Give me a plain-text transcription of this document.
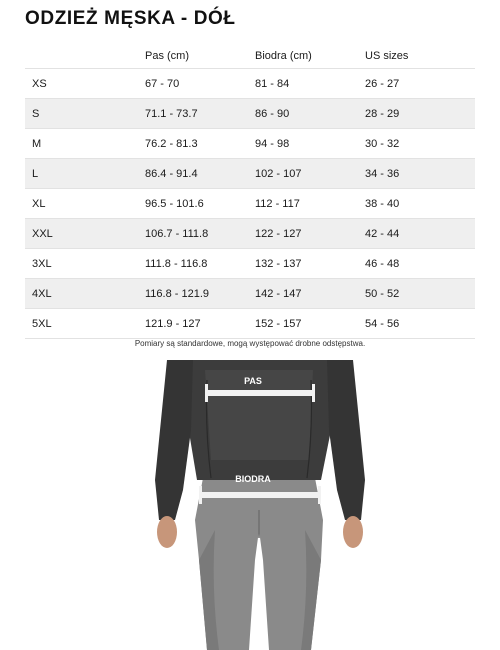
ODZIEŻ MĘSKA - DÓŁ
	Pas (cm)	Biodra (cm)	US sizes
XS	67 - 70	81 - 84	26 - 27
S	71.1 - 73.7	86 - 90	28 - 29
M	76.2 - 81.3	94 - 98	30 - 32
L	86.4 - 91.4	102 - 107	34 - 36
XL	96.5 - 101.6	112 - 117	38 - 40
XXL	106.7 - 111.8	122 - 127	42 - 44
3XL	111.8 - 116.8	132 - 137	46 - 48
4XL	116.8 - 121.9	142 - 147	50 - 52
5XL	121.9 - 127	152 - 157	54 - 56
Pomiary są standardowe, mogą występować drobne odstępstwa.
PAS
BIODRA
